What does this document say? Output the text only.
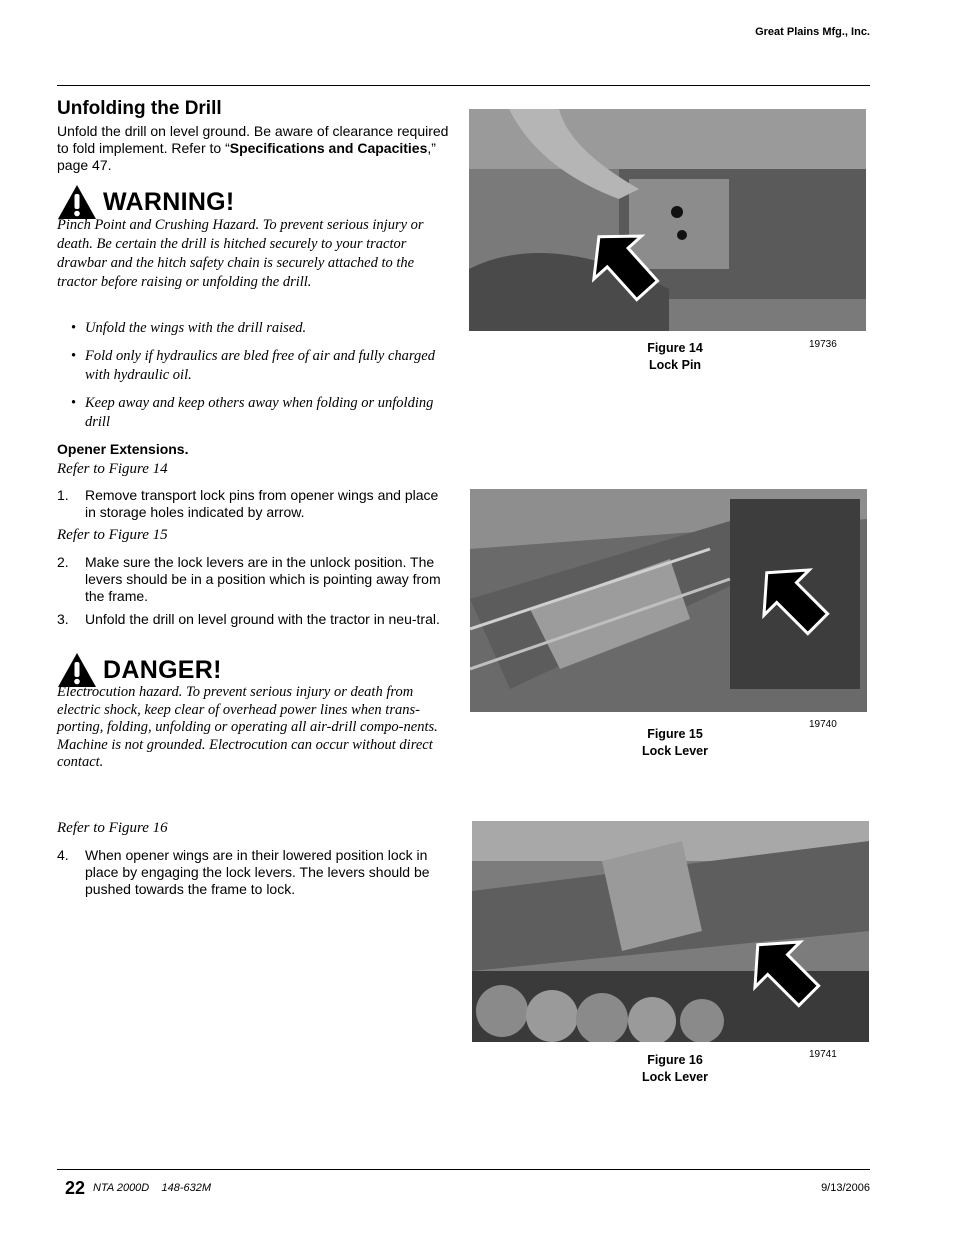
Great Plains Mfg., Inc.
Unfolding the Drill
Unfold the drill on level ground. Be aware of clearance required to fold implement. Refer to “Specifications and Capacities,” page 47.
WARNING!
Pinch Point and Crushing Hazard. To prevent serious injury or death. Be certain the drill is hitched securely to your tractor drawbar and the hitch safety chain is securely attached to the tractor before raising or unfolding the drill.
• Unfold the wings with the drill raised.
• Fold only if hydraulics are bled free of air and fully charged with hydraulic oil.
• Keep away and keep others away when folding or unfolding drill
Opener Extensions.
Refer to Figure 14
1.	Remove transport lock pins from opener wings and place in storage holes indicated by arrow.
Refer to Figure 15
2.	Make sure the lock levers are in the unlock position. The levers should be in a position which is pointing away from the frame.
3.	Unfold the drill on level ground with the tractor in neu-tral.
DANGER!
Electrocution hazard. To prevent serious injury or death from electric shock, keep clear of overhead power lines when trans-porting, folding, unfolding or operating all air-drill compo-nents. Machine is not grounded. Electrocution can occur without direct contact.
Refer to Figure 16
4.	When opener wings are in their lowered position lock in place by engaging the lock levers. The levers should be pushed towards the frame to lock.
Figure 14
Lock Pin
19736
Figure 15
Lock Lever
19740
Figure 16
Lock Lever
19741
22 NTA 2000D    148-632M	9/13/2006
